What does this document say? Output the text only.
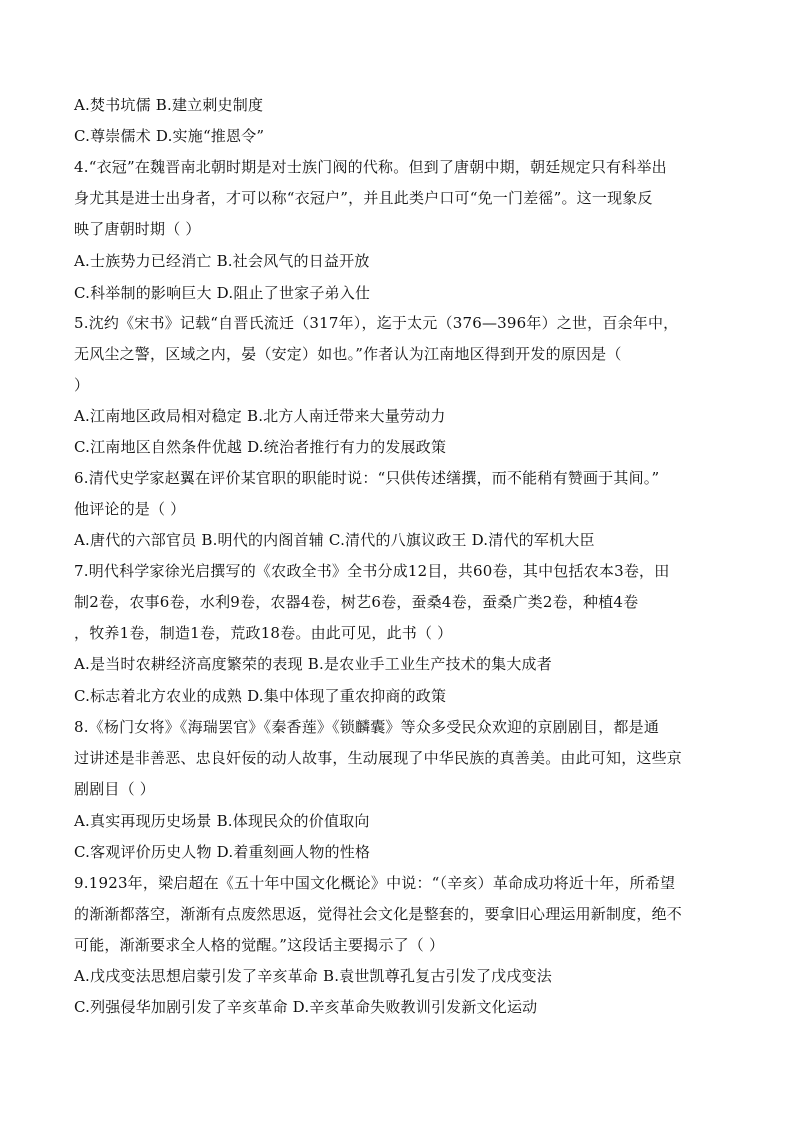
A.焚书坑儒 B.建立刺史制度
C.尊崇儒术 D.实施“推恩令”
4.“衣冠”在魏晋南北朝时期是对士族门阀的代称。但到了唐朝中期，朝廷规定只有科举出
身尤其是进士出身者，才可以称“衣冠户”，并且此类户口可“免一门差徭”。这一现象反
映了唐朝时期（ ）
A.士族势力已经消亡 B.社会风气的日益开放
C.科举制的影响巨大 D.阻止了世家子弟入仕
5.沈约《宋书》记载“自晋氏流迁（317年），迄于太元（376—396年）之世，百余年中，
无风尘之警，区域之内，晏（安定）如也。”作者认为江南地区得到开发的原因是（
）
A.江南地区政局相对稳定 B.北方人南迁带来大量劳动力
C.江南地区自然条件优越 D.统治者推行有力的发展政策
6.清代史学家赵翼在评价某官职的职能时说：“只供传述缮撰，而不能稍有赞画于其间。”
他评论的是（ ）
A.唐代的六部官员 B.明代的内阁首辅 C.清代的八旗议政王 D.清代的军机大臣
7.明代科学家徐光启撰写的《农政全书》全书分成12目，共60卷，其中包括农本3卷，田
制2卷，农事6卷，水利9卷，农器4卷，树艺6卷，蚕桑4卷，蚕桑广类2卷，种植4卷
，牧养1卷，制造1卷，荒政18卷。由此可见，此书（ ）
A.是当时农耕经济高度繁荣的表现 B.是农业手工业生产技术的集大成者
C.标志着北方农业的成熟 D.集中体现了重农抑商的政策
8.《杨门女将》《海瑞罢官》《秦香莲》《锁麟囊》等众多受民众欢迎的京剧剧目，都是通
过讲述是非善恶、忠良奸佞的动人故事，生动展现了中华民族的真善美。由此可知，这些京
剧剧目（ ）
A.真实再现历史场景 B.体现民众的价值取向
C.客观评价历史人物 D.着重刻画人物的性格
9.1923年，梁启超在《五十年中国文化概论》中说：“（辛亥）革命成功将近十年，所希望
的渐渐都落空，渐渐有点废然思返，觉得社会文化是整套的，要拿旧心理运用新制度，绝不
可能，渐渐要求全人格的觉醒。”这段话主要揭示了（ ）
A.戊戌变法思想启蒙引发了辛亥革命 B.袁世凯尊孔复古引发了戊戌变法
C.列强侵华加剧引发了辛亥革命 D.辛亥革命失败教训引发新文化运动
